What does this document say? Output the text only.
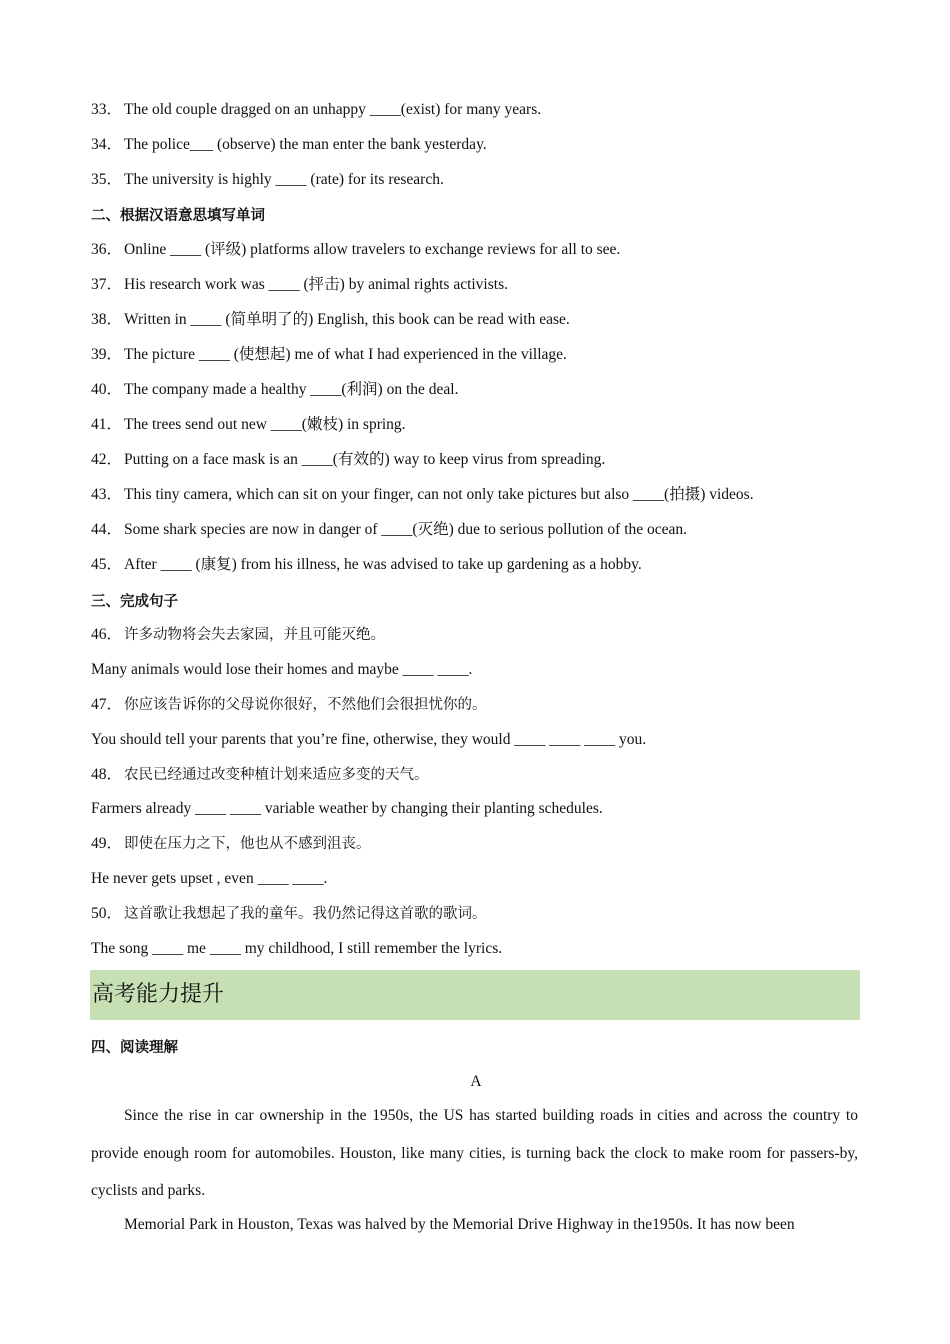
33． The old couple dragged on an unhappy ____(exist) for many years.
34． The police___ (observe) the man enter the bank yesterday.
35． The university is highly ____ (rate) for its research.
二、根据汉语意思填写单词
36． Online ____ (评级) platforms allow travelers to exchange reviews for all to see.
37． His research work was ____ (抨击) by animal rights activists.
38． Written in ____ (简单明了的) English, this book can be read with ease.
39． The picture ____ (使想起) me of what I had experienced in the village.
40． The company made a healthy ____(利润) on the deal.
41． The trees send out new ____(嫩枝) in spring.
42． Putting on a face mask is an ____(有效的) way to keep virus from spreading.
43． This tiny camera, which can sit on your finger, can not only take pictures but also ____(拍摄) videos.
44． Some shark species are now in danger of ____(灭绝) due to serious pollution of the ocean.
45． After ____ (康复) from his illness, he was advised to take up gardening as a hobby.
三、完成句子
46． 许多动物将会失去家园，并且可能灭绝。
Many animals would lose their homes and maybe ____ ____.
47． 你应该告诉你的父母说你很好，不然他们会很担忧你的。
You should tell your parents that you’re fine, otherwise, they would ____ ____ ____ you.
48． 农民已经通过改变种植计划来适应多变的天气。
Farmers already ____ ____ variable weather by changing their planting schedules.
49． 即使在压力之下，他也从不感到沮丧。
He never gets upset , even ____ ____.
50． 这首歌让我想起了我的童年。我仍然记得这首歌的歌词。
The song ____ me ____ my childhood, I still remember the lyrics.
高考能力提升
四、阅读理解
A

Since the rise in car ownership in the 1950s, the US has started building roads in cities and across the country to provide enough room for automobiles. Houston, like many cities, is turning back the clock to make room for passers-by, cyclists and parks.

Memorial Park in Houston, Texas was halved by the Memorial Drive Highway in the1950s. It has now been
